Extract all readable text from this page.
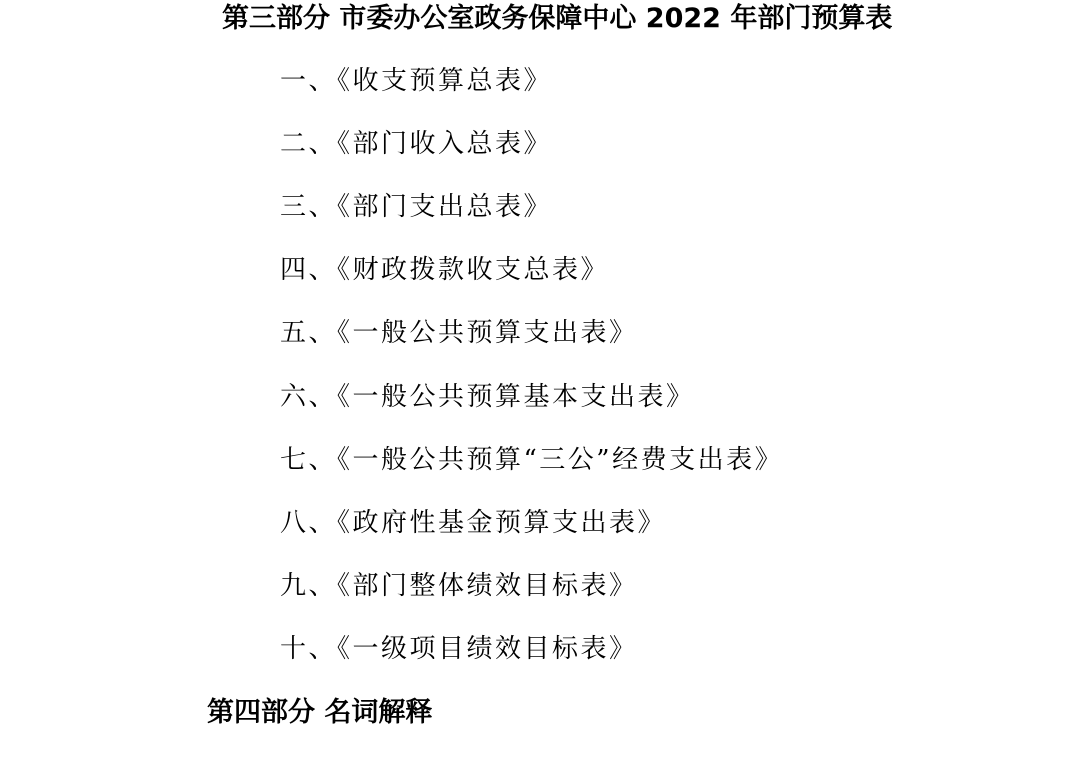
第三部分 市委办公室政务保障中心 2022 年部门预算表
一、《收支预算总表》
二、《部门收入总表》
三、《部门支出总表》
四、《财政拨款收支总表》
五、《一般公共预算支出表》
六、《一般公共预算基本支出表》
七、《一般公共预算“三公”经费支出表》
八、《政府性基金预算支出表》
九、《部门整体绩效目标表》
十、《一级项目绩效目标表》
第四部分 名词解释
